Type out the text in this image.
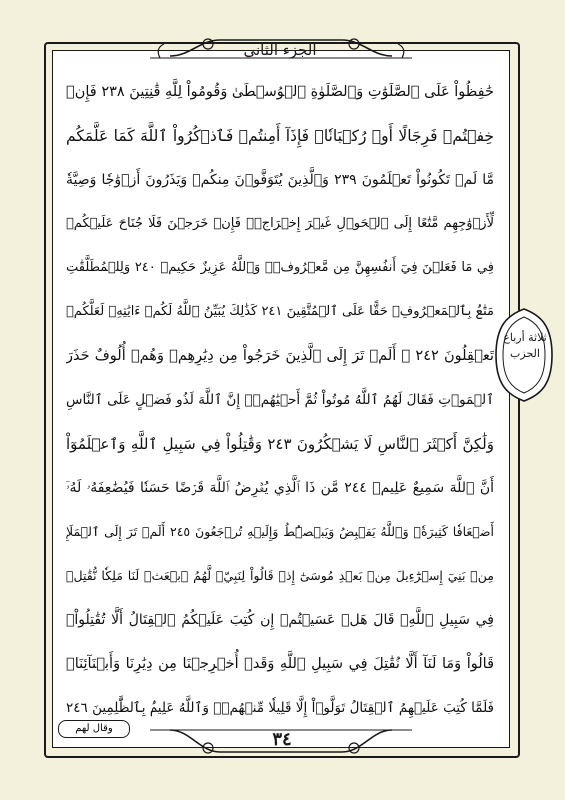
الجزء الثاني
٣٤
وقال لهم
ثلاثة أرباع الحزب
حَٰفِظُواْ عَلَى ٱلصَّلَوَٰتِ وَٱلصَّلَوٰةِ ٱلۡوُسۡطَىٰ وَقُومُواْ لِلَّهِ قَٰنِتِينَ ٢٣٨ فَإِنۡ
خِفۡتُمۡ فَرِجَالًا أَوۡ رُكۡبَانٗاۖ فَإِذَآ أَمِنتُمۡ فَٱذۡكُرُواْ ٱللَّهَ كَمَا عَلَّمَكُم
مَّا لَمۡ تَكُونُواْ تَعۡلَمُونَ ٢٣٩ وَٱلَّذِينَ يُتَوَفَّوۡنَ مِنكُمۡ وَيَذَرُونَ أَزۡوَٰجٗا وَصِيَّةٗ
لِّأَزۡوَٰجِهِم مَّتَٰعًا إِلَى ٱلۡحَوۡلِ غَيۡرَ إِخۡرَاجٖۚ فَإِنۡ خَرَجۡنَ فَلَا جُنَاحَ عَلَيۡكُمۡ
فِي مَا فَعَلۡنَ فِيٓ أَنفُسِهِنَّ مِن مَّعۡرُوفٖۗ وَٱللَّهُ عَزِيزٌ حَكِيمٞ ٢٤٠ وَلِلۡمُطَلَّقَٰتِ
مَتَٰعُۢ بِٱلۡمَعۡرُوفِۖ حَقًّا عَلَى ٱلۡمُتَّقِينَ ٢٤١ كَذَٰلِكَ يُبَيِّنُ ٱللَّهُ لَكُمۡ ءَايَٰتِهِۦ لَعَلَّكُمۡ
تَعۡقِلُونَ ٢٤٢ ۞ أَلَمۡ تَرَ إِلَى ٱلَّذِينَ خَرَجُواْ مِن دِيَٰرِهِمۡ وَهُمۡ أُلُوفٌ حَذَرَ
ٱلۡمَوۡتِ فَقَالَ لَهُمُ ٱللَّهُ مُوتُواْ ثُمَّ أَحۡيَٰهُمۡۚ إِنَّ ٱللَّهَ لَذُو فَضۡلٍ عَلَى ٱلنَّاسِ
وَلَٰكِنَّ أَكۡثَرَ ٱلنَّاسِ لَا يَشۡكُرُونَ ٢٤٣ وَقَٰتِلُواْ فِي سَبِيلِ ٱللَّهِ وَٱعۡلَمُوٓاْ
أَنَّ ٱللَّهَ سَمِيعٌ عَلِيمٞ ٢٤٤ مَّن ذَا ٱلَّذِي يُقۡرِضُ ٱللَّهَ قَرۡضًا حَسَنٗا فَيُضَٰعِفَهُۥ لَهُۥٓ
أَضۡعَافٗا كَثِيرَةٗۚ وَٱللَّهُ يَقۡبِضُ وَيَبۡصُۜطُ وَإِلَيۡهِ تُرۡجَعُونَ ٢٤٥ أَلَمۡ تَرَ إِلَى ٱلۡمَلَإِ
مِنۢ بَنِيٓ إِسۡرَٰٓءِيلَ مِنۢ بَعۡدِ مُوسَىٰٓ إِذۡ قَالُواْ لِنَبِيّٖ لَّهُمُ ٱبۡعَثۡ لَنَا مَلِكٗا نُّقَٰتِلۡ
فِي سَبِيلِ ٱللَّهِۖ قَالَ هَلۡ عَسَيۡتُمۡ إِن كُتِبَ عَلَيۡكُمُ ٱلۡقِتَالُ أَلَّا تُقَٰتِلُواْۖ
قَالُواْ وَمَا لَنَآ أَلَّا نُقَٰتِلَ فِي سَبِيلِ ٱللَّهِ وَقَدۡ أُخۡرِجۡنَا مِن دِيَٰرِنَا وَأَبۡنَآئِنَاۖ
فَلَمَّا كُتِبَ عَلَيۡهِمُ ٱلۡقِتَالُ تَوَلَّوۡاْ إِلَّا قَلِيلٗا مِّنۡهُمۡۚ وَٱللَّهُ عَلِيمُۢ بِٱلظَّٰلِمِينَ ٢٤٦
